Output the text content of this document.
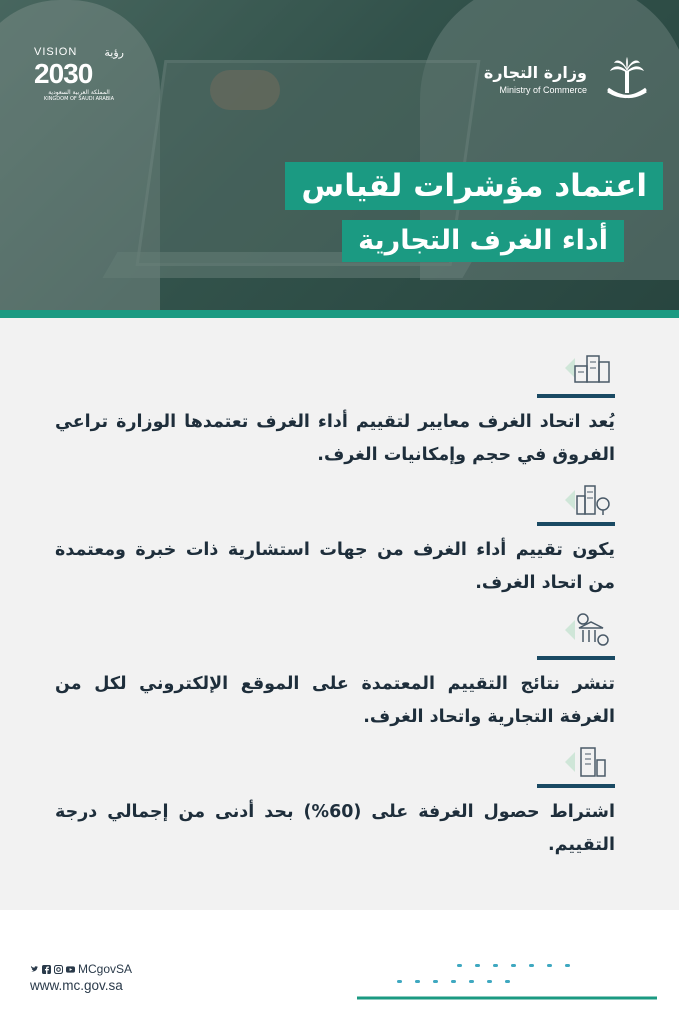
VISION رؤية
2030
المملكة العربية السعودية
KINGDOM OF SAUDI ARABIA
وزارة التجارة
Ministry of Commerce
اعتماد مؤشرات لقياس
أداء الغرف التجارية
يُعد اتحاد الغرف معايير لتقييم أداء الغرف تعتمدها الوزارة تراعي الفروق في حجم وإمكانيات الغرف.
يكون تقييم أداء الغرف من جهات استشارية ذات خبرة ومعتمدة من اتحاد الغرف.
تنشر نتائج التقييم المعتمدة على الموقع الإلكتروني لكل من الغرفة التجارية واتحاد الغرف.
اشتراط حصول الغرفة على (60%) بحد أدنى من إجمالي درجة التقييم.
MCgovSA
www.mc.gov.sa
